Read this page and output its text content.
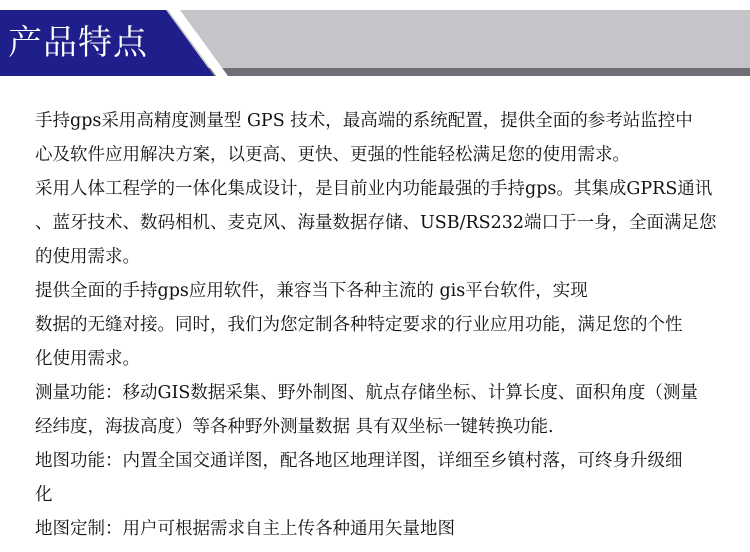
产品特点
手持gps采用高精度测量型 GPS 技术，最高端的系统配置，提供全面的参考站监控中
心及软件应用解决方案，以更高、更快、更强的性能轻松满足您的使用需求。
采用人体工程学的一体化集成设计，是目前业内功能最强的手持gps。其集成GPRS通讯
、蓝牙技术、数码相机、麦克风、海量数据存储、USB/RS232端口于一身，全面满足您
的使用需求。
提供全面的手持gps应用软件，兼容当下各种主流的 gis平台软件，实现
数据的无缝对接。同时，我们为您定制各种特定要求的行业应用功能，满足您的个性
化使用需求。
测量功能：移动GIS数据采集、野外制图、航点存储坐标、计算长度、面积角度（测量
经纬度，海拔高度）等各种野外测量数据 具有双坐标一键转换功能.
地图功能：内置全国交通详图，配各地区地理详图，详细至乡镇村落，可终身升级细
化
地图定制：用户可根据需求自主上传各种通用矢量地图
